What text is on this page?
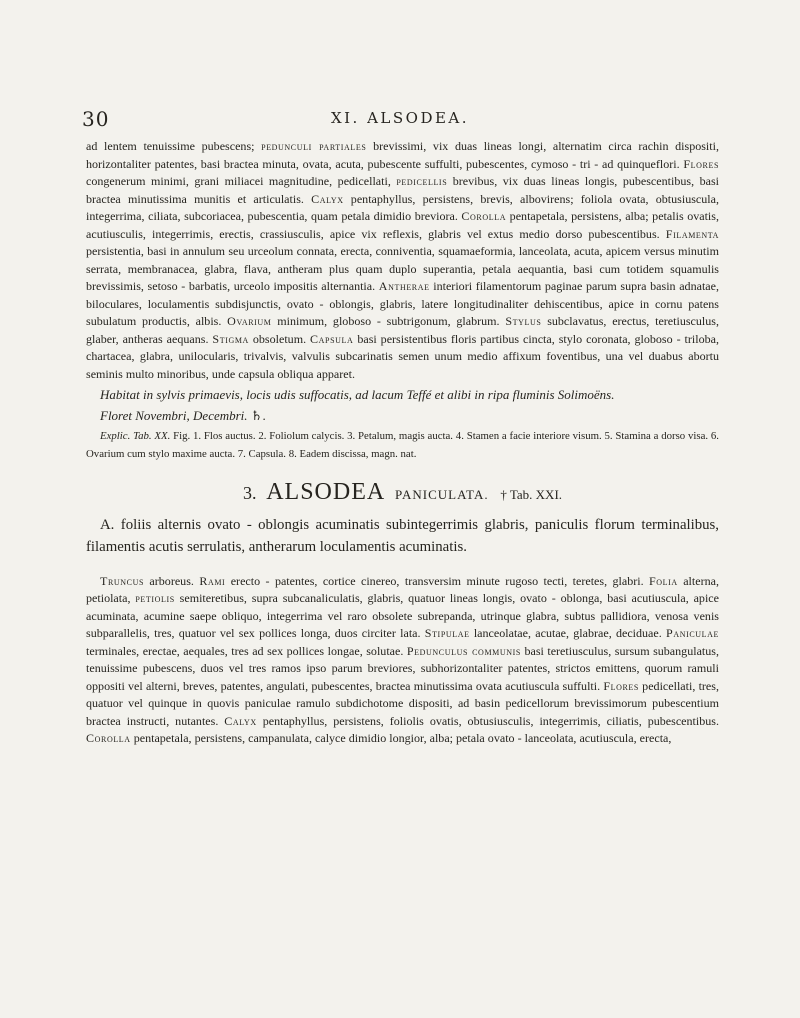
30	XI. ALSODEA.

ad lentem tenuissime pubescens; pedunculi partiales brevissimi, vix duas lineas longi, alternatim circa rachin dispositi, horizontaliter patentes, basi bractea minuta, ovata, acuta, pubescente suffulti, pubescentes, cymoso - tri - ad quinqueflori. Flores congenerum minimi, grani miliacei magnitudine, pedicellati, pedicellis brevibus, vix duas lineas longis, pubescentibus, basi bractea minutissima munitis et articulatis. Calyx pentaphyllus, persistens, brevis, albovirens; foliola ovata, obtusiuscula, integerrima, ciliata, subcoriacea, pubescentia, quam petala dimidio breviora. Corolla pentapetala, persistens, alba; petalis ovatis, acutiusculis, integerrimis, erectis, crassiusculis, apice vix reflexis, glabris vel extus medio dorso pubescentibus. Filamenta persistentia, basi in annulum seu urceolum connata, erecta, conniventia, squamaeformia, lanceolata, acuta, apicem versus minutim serrata, membranacea, glabra, flava, antheram plus quam duplo superantia, petala aequantia, basi cum totidem squamulis brevissimis, setoso - barbatis, urceolo impositis alternantia. Antherae interiori filamentorum paginae parum supra basin adnatae, biloculares, loculamentis subdisjunctis, ovato - oblongis, glabris, latere longitudinaliter dehiscentibus, apice in cornu patens subulatum productis, albis. Ovarium minimum, globoso - subtrigonum, glabrum. Stylus subclavatus, erectus, teretiusculus, glaber, antheras aequans. Stigma obsoletum. Capsula basi persistentibus floris partibus cincta, stylo coronata, globoso - triloba, chartacea, glabra, unilocularis, trivalvis, valvulis subcarinatis semen unum medio affixum foventibus, una vel duabus abortu seminis multo minoribus, unde capsula obliqua apparet.

Habitat in sylvis primaevis, locis udis suffocatis, ad lacum Teffé et alibi in ripa fluminis Solimoëns.

Floret Novembri, Decembri. ♄.

Explic. Tab. XX. Fig. 1. Flos auctus. 2. Foliolum calycis. 3. Petalum, magis aucta. 4. Stamen a facie interiore visum. 5. Stamina a dorso visa. 6. Ovarium cum stylo maxime aucta. 7. Capsula. 8. Eadem discissa, magn. nat.

3. ALSODEA PANICULATA. † Tab. XXI.

A. foliis alternis ovato - oblongis acuminatis subintegerrimis glabris, paniculis florum terminalibus, filamentis acutis serrulatis, antherarum loculamentis acuminatis.

Truncus arboreus. Rami erecto - patentes, cortice cinereo, transversim minute rugoso tecti, teretes, glabri. Folia alterna, petiolata, petiolis semiteretibus, supra subcanaliculatis, glabris, quatuor lineas longis, ovato - oblonga, basi acutiuscula, apice acuminata, acumine saepe obliquo, integerrima vel raro obsolete subrepanda, utrinque glabra, subtus pallidiora, venosa venis subparallelis, tres, quatuor vel sex pollices longa, duos circiter lata. Stipulae lanceolatae, acutae, glabrae, deciduae. Paniculae terminales, erectae, aequales, tres ad sex pollices longae, solutae. Pedunculus communis basi teretiusculus, sursum subangulatus, tenuissime pubescens, duos vel tres ramos ipso parum breviores, subhorizontaliter patentes, strictos emittens, quorum ramuli oppositi vel alterni, breves, patentes, angulati, pubescentes, bractea minutissima ovata acutiuscula suffulti. Flores pedicellati, tres, quatuor vel quinque in quovis paniculae ramulo subdichotome dispositi, ad basin pedicellorum brevissimorum pubescentium bractea instructi, nutantes. Calyx pentaphyllus, persistens, foliolis ovatis, obtusiusculis, integerrimis, ciliatis, pubescentibus. Corolla pentapetala, persistens, campanulata, calyce dimidio longior, alba; petala ovato - lanceolata, acutiuscula, erecta,
